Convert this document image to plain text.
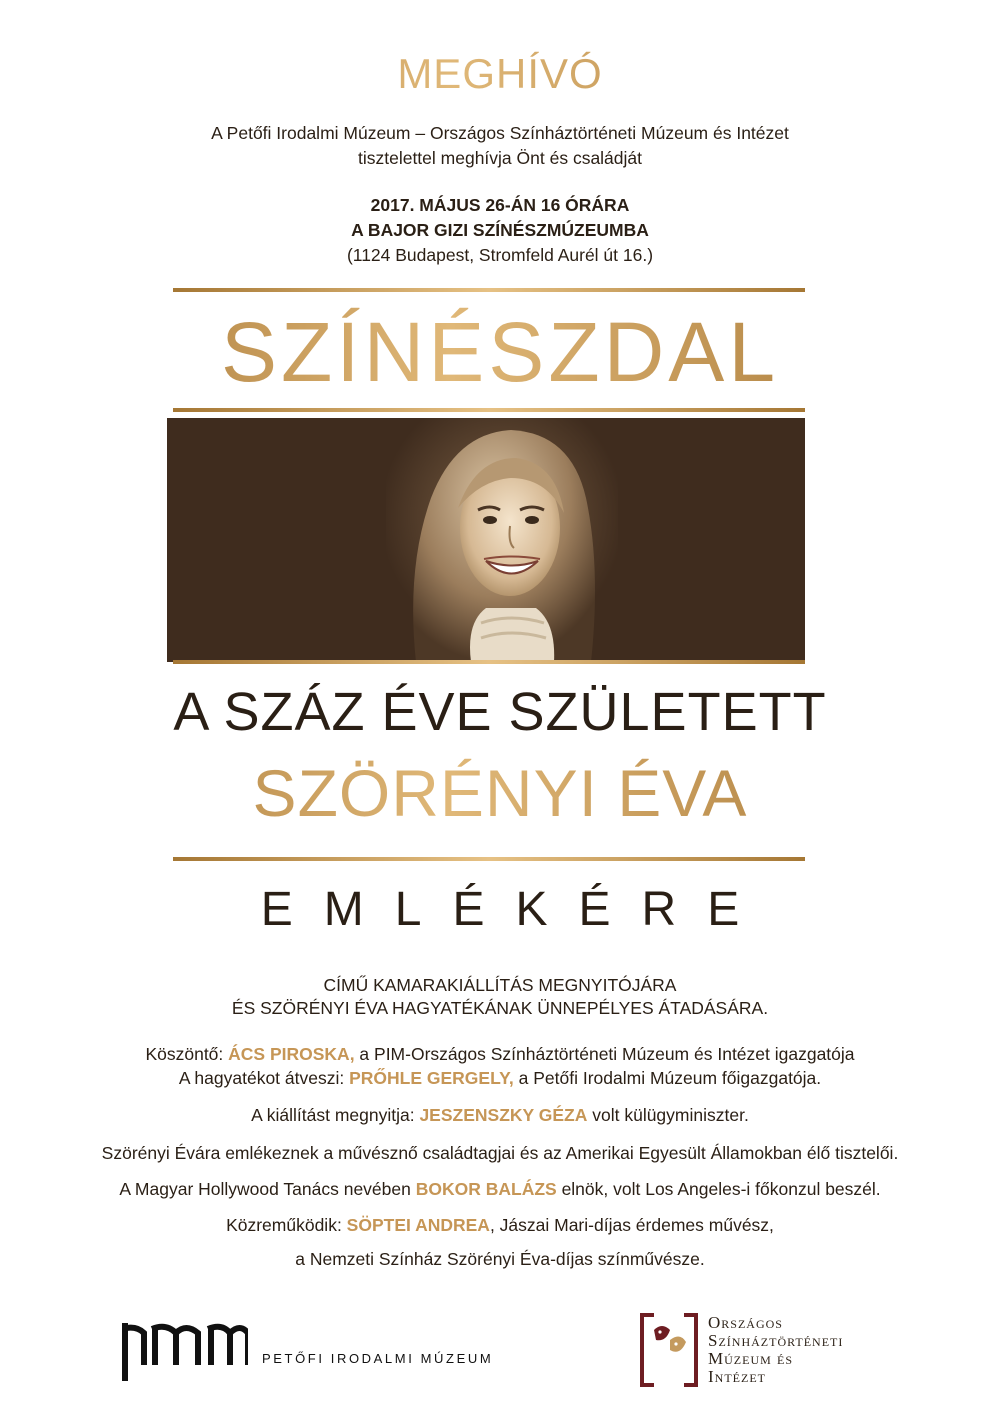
MEGHÍVÓ
A Petőfi Irodalmi Múzeum – Országos Színháztörténeti Múzeum és Intézet
tisztelettel meghívja Önt és családját
2017. MÁJUS 26-ÁN 16 ÓRÁRA
A BAJOR GIZI SZÍNÉSZMÚZEUMBA
(1124 Budapest, Stromfeld Aurél út 16.)
SZÍNÉSZDAL
A SZÁZ ÉVE SZÜLETETT
SZÖRÉNYI ÉVA
EMLÉKÉRE
CÍMŰ KAMARAKIÁLLÍTÁS MEGNYITÓJÁRA
ÉS SZÖRÉNYI ÉVA HAGYATÉKÁNAK ÜNNEPÉLYES ÁTADÁSÁRA.

Köszöntő: ÁCS PIROSKA, a PIM-Országos Színháztörténeti Múzeum és Intézet igazgatója

A hagyatékot átveszi: PRŐHLE GERGELY, a Petőfi Irodalmi Múzeum főigazgatója.

A kiállítást megnyitja: JESZENSZKY GÉZA volt külügyminiszter.

Szörényi Évára emlékeznek a művésznő családtagjai és az Amerikai Egyesült Államokban élő tisztelői.

A Magyar Hollywood Tanács nevében BOKOR BALÁZS elnök, volt Los Angeles-i főkonzul beszél.

Közreműködik: SÖPTEI ANDREA, Jászai Mari-díjas érdemes művész,

a Nemzeti Színház Szörényi Éva-díjas színművésze.

PETŐFI IRODALMI MÚZEUM
Országos
Színháztörténeti
Múzeum és
Intézet
